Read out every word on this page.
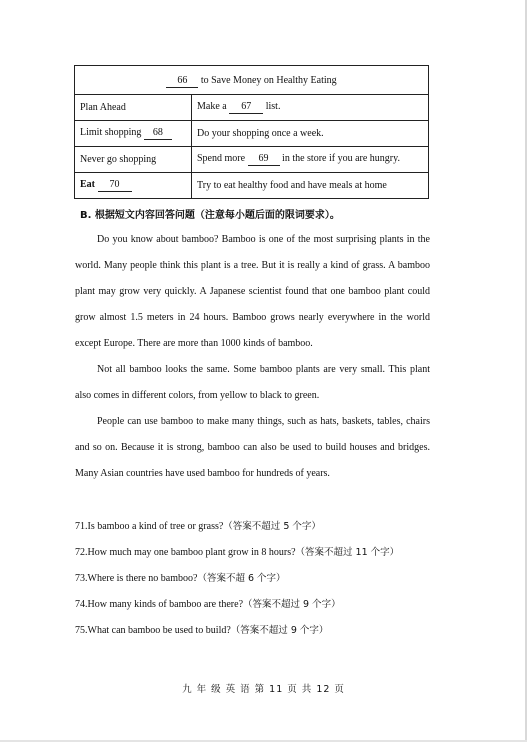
66 to Save Money on Healthy Eating	
Plan Ahead	Make a 67 list.
Limit shopping 68	Do your shopping once a week.
Never go shopping	Spend more 69 in the store if you are hungry.
Eat 70	Try to eat healthy food and have meals at home
B. 根据短文内容回答问题（注意每小题后面的限词要求）。

Do you know about bamboo? Bamboo is one of the most surprising plants in the world. Many people think this plant is a tree. But it is really a kind of grass. A bamboo plant may grow very quickly. A Japanese scientist found that one bamboo plant could grow almost 1.5 meters in 24 hours. Bamboo grows nearly everywhere in the world except Europe. There are more than 1000 kinds of bamboo.

Not all bamboo looks the same. Some bamboo plants are very small. This plant also comes in different colors, from yellow to black to green.

People can use bamboo to make many things, such as hats, baskets, tables, chairs and so on. Because it is strong, bamboo can also be used to build houses and bridges. Many Asian countries have used bamboo for hundreds of years.

71.Is bamboo a kind of tree or grass?（答案不超过 5 个字）
72.How much may one bamboo plant grow in 8 hours?（答案不超过 11 个字）
73.Where is there no bamboo?（答案不超 6 个字）
74.How many kinds of bamboo are there?（答案不超过 9 个字）
75.What can bamboo be used to build?（答案不超过 9 个字）
九 年 级 英 语 第 11 页 共 12 页
